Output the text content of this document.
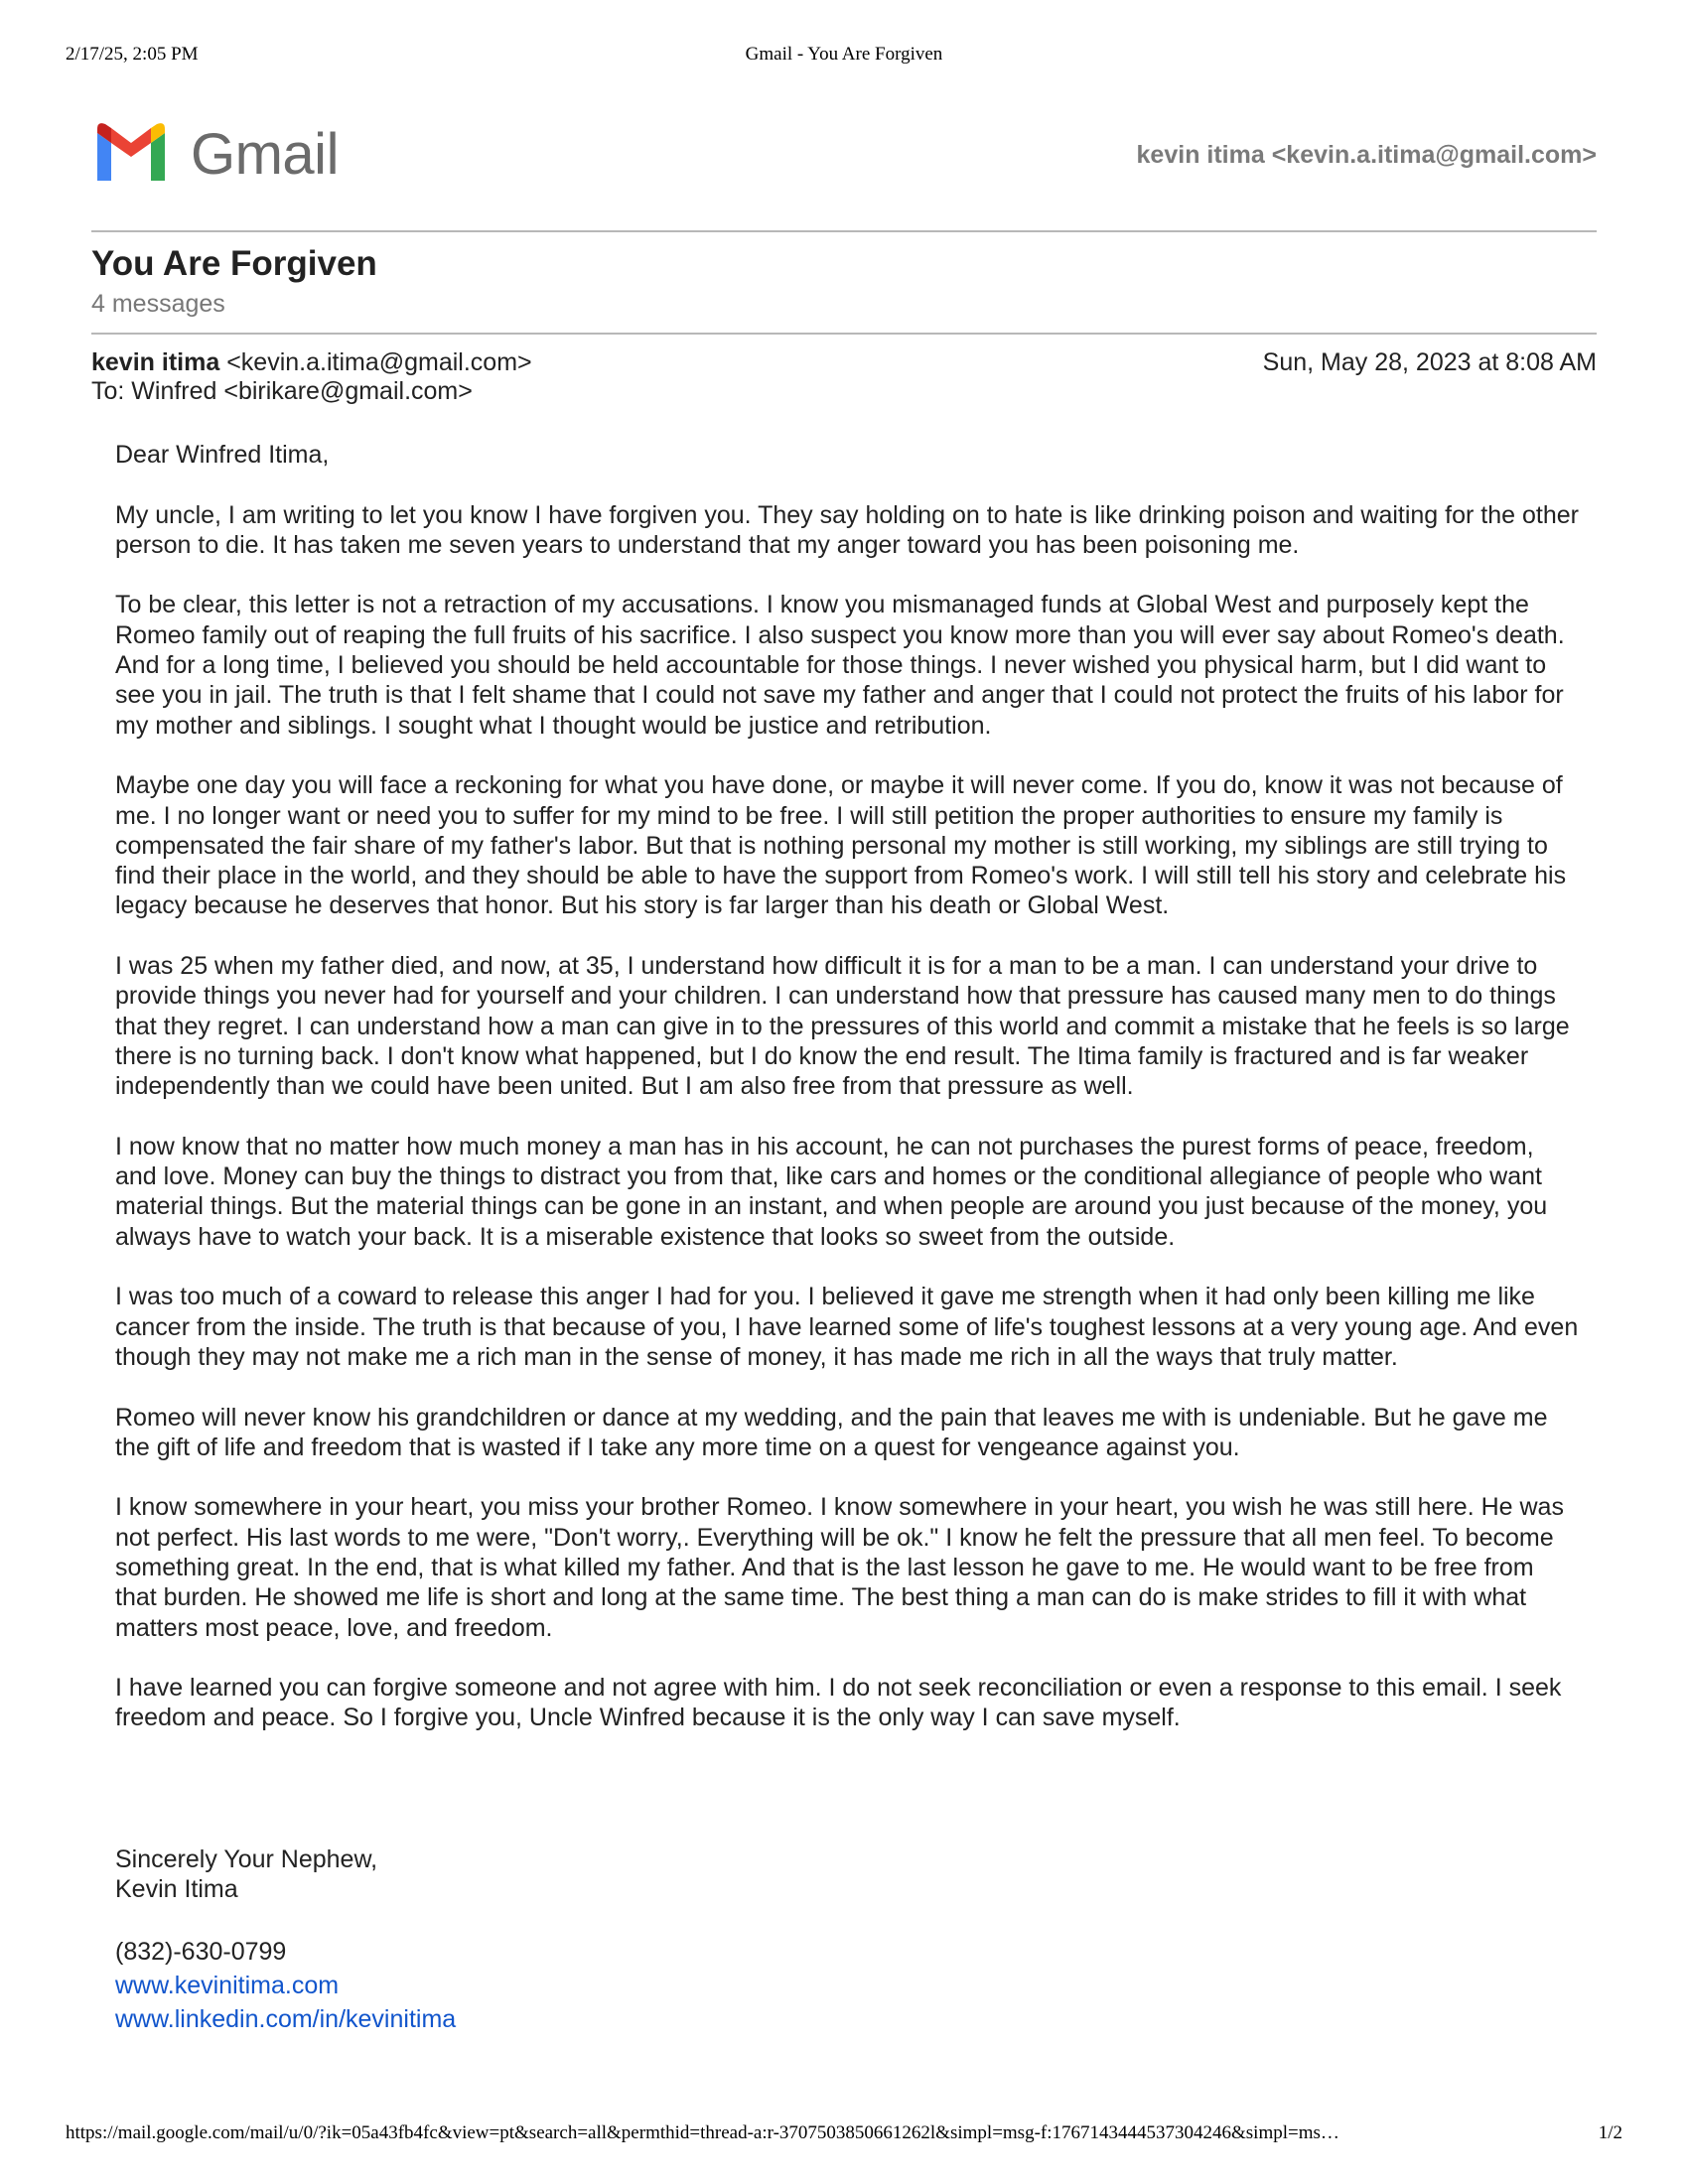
2/17/25, 2:05 PM	Gmail - You Are Forgiven
Gmail	kevin itima <kevin.a.itima@gmail.com>
You Are Forgiven
4 messages
kevin itima <kevin.a.itima@gmail.com>	Sun, May 28, 2023 at 8:08 AM
To: Winfred <birikare@gmail.com>

Dear Winfred Itima,

My uncle, I am writing to let you know I have forgiven you. They say holding on to hate is like drinking poison and waiting for the other person to die. It has taken me seven years to understand that my anger toward you has been poisoning me.

To be clear, this letter is not a retraction of my accusations. I know you mismanaged funds at Global West and purposely kept the Romeo family out of reaping the full fruits of his sacrifice. I also suspect you know more than you will ever say about Romeo's death. And for a long time, I believed you should be held accountable for those things. I never wished you physical harm, but I did want to see you in jail. The truth is that I felt shame that I could not save my father and anger that I could not protect the fruits of his labor for my mother and siblings. I sought what I thought would be justice and retribution.

Maybe one day you will face a reckoning for what you have done, or maybe it will never come. If you do, know it was not because of me. I no longer want or need you to suffer for my mind to be free. I will still petition the proper authorities to ensure my family is compensated the fair share of my father's labor. But that is nothing personal my mother is still working, my siblings are still trying to find their place in the world, and they should be able to have the support from Romeo's work. I will still tell his story and celebrate his legacy because he deserves that honor. But his story is far larger than his death or Global West.

I was 25 when my father died, and now, at 35, I understand how difficult it is for a man to be a man. I can understand your drive to provide things you never had for yourself and your children. I can understand how that pressure has caused many men to do things that they regret. I can understand how a man can give in to the pressures of this world and commit a mistake that he feels is so large there is no turning back. I don't know what happened, but I do know the end result. The Itima family is fractured and is far weaker independently than we could have been united. But I am also free from that pressure as well.

I now know that no matter how much money a man has in his account, he can not purchases the purest forms of peace, freedom, and love. Money can buy the things to distract you from that, like cars and homes or the conditional allegiance of people who want material things. But the material things can be gone in an instant, and when people are around you just because of the money, you always have to watch your back. It is a miserable existence that looks so sweet from the outside.

I was too much of a coward to release this anger I had for you. I believed it gave me strength when it had only been killing me like cancer from the inside. The truth is that because of you, I have learned some of life's toughest lessons at a very young age. And even though they may not make me a rich man in the sense of money, it has made me rich in all the ways that truly matter.

Romeo will never know his grandchildren or dance at my wedding, and the pain that leaves me with is undeniable. But he gave me the gift of life and freedom that is wasted if I take any more time on a quest for vengeance against you.

I know somewhere in your heart, you miss your brother Romeo. I know somewhere in your heart, you wish he was still here. He was not perfect. His last words to me were, "Don't worry,. Everything will be ok." I know he felt the pressure that all men feel. To become something great. In the end, that is what killed my father. And that is the last lesson he gave to me. He would want to be free from that burden. He showed me life is short and long at the same time. The best thing a man can do is make strides to fill it with what matters most peace, love, and freedom.

I have learned you can forgive someone and not agree with him. I do not seek reconciliation or even a response to this email. I seek freedom and peace. So I forgive you, Uncle Winfred because it is the only way I can save myself.

Sincerely Your Nephew,
Kevin Itima
(832)-630-0799
www.kevinitima.com
www.linkedin.com/in/kevinitima
https://mail.google.com/mail/u/0/?ik=05a43fb4fc&view=pt&search=all&permthid=thread-a:r-3707503850661262l&simpl=msg-f:1767143444537304246&simpl=ms…	1/2
